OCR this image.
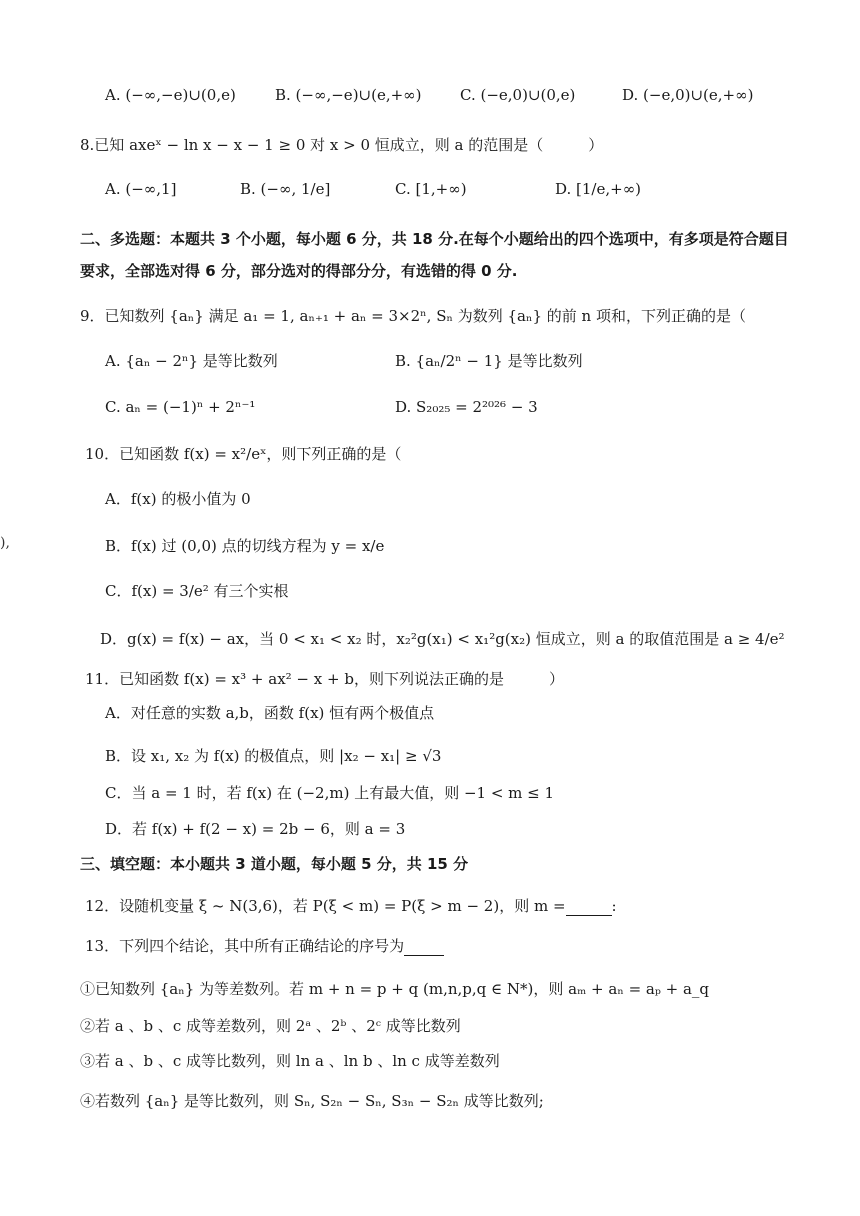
A. (−∞,−e)∪(0,e)	B. (−∞,−e)∪(e,+∞)	C. (−e,0)∪(0,e)	D. (−e,0)∪(e,+∞)
8.已知 axeˣ − ln x − x − 1 ≥ 0 对 x > 0 恒成立，则 a 的范围是（　　　）
A. (−∞,1]	B. (−∞, 1/e]	C. [1,+∞)	D. [1/e,+∞)
二、多选题：本题共 3 个小题，每小题 6 分，共 18 分.在每个小题给出的四个选项中，有多项是符合题目
要求，全部选对得 6 分，部分选对的得部分分，有选错的得 0 分.
9．已知数列 {aₙ} 满足 a₁ = 1, aₙ₊₁ + aₙ = 3×2ⁿ, Sₙ 为数列 {aₙ} 的前 n 项和，下列正确的是（
A. {aₙ − 2ⁿ} 是等比数列	B. {aₙ/2ⁿ − 1} 是等比数列
C. aₙ = (−1)ⁿ + 2ⁿ⁻¹	D. S₂₀₂₅ = 2²⁰²⁶ − 3
10．已知函数 f(x) = x²/eˣ，则下列正确的是（
A．f(x) 的极小值为 0
),	B．f(x) 过 (0,0) 点的切线方程为 y = x/e
C．f(x) = 3/e² 有三个实根
D．g(x) = f(x) − ax，当 0 < x₁ < x₂ 时，x₂²g(x₁) < x₁²g(x₂) 恒成立，则 a 的取值范围是 a ≥ 4/e²
11．已知函数 f(x) = x³ + ax² − x + b，则下列说法正确的是　　　）
A．对任意的实数 a,b，函数 f(x) 恒有两个极值点
B．设 x₁, x₂ 为 f(x) 的极值点，则 |x₂ − x₁| ≥ √3
C．当 a = 1 时，若 f(x) 在 (−2,m) 上有最大值，则 −1 < m ≤ 1
D．若 f(x) + f(2 − x) = 2b − 6，则 a = 3
三、填空题：本小题共 3 道小题，每小题 5 分，共 15 分
12．设随机变量 ξ ~ N(3,6)，若 P(ξ < m) = P(ξ > m − 2)，则 m =	:
13．下列四个结论，其中所有正确结论的序号为
①已知数列 {aₙ} 为等差数列。若 m + n = p + q (m,n,p,q ∈ N*)，则 aₘ + aₙ = aₚ + a_q
②若 a 、b 、c 成等差数列，则 2ᵃ 、2ᵇ 、2ᶜ 成等比数列
③若 a 、b 、c 成等比数列，则 ln a 、ln b 、ln c 成等差数列
④若数列 {aₙ} 是等比数列，则 Sₙ, S₂ₙ − Sₙ, S₃ₙ − S₂ₙ 成等比数列;
